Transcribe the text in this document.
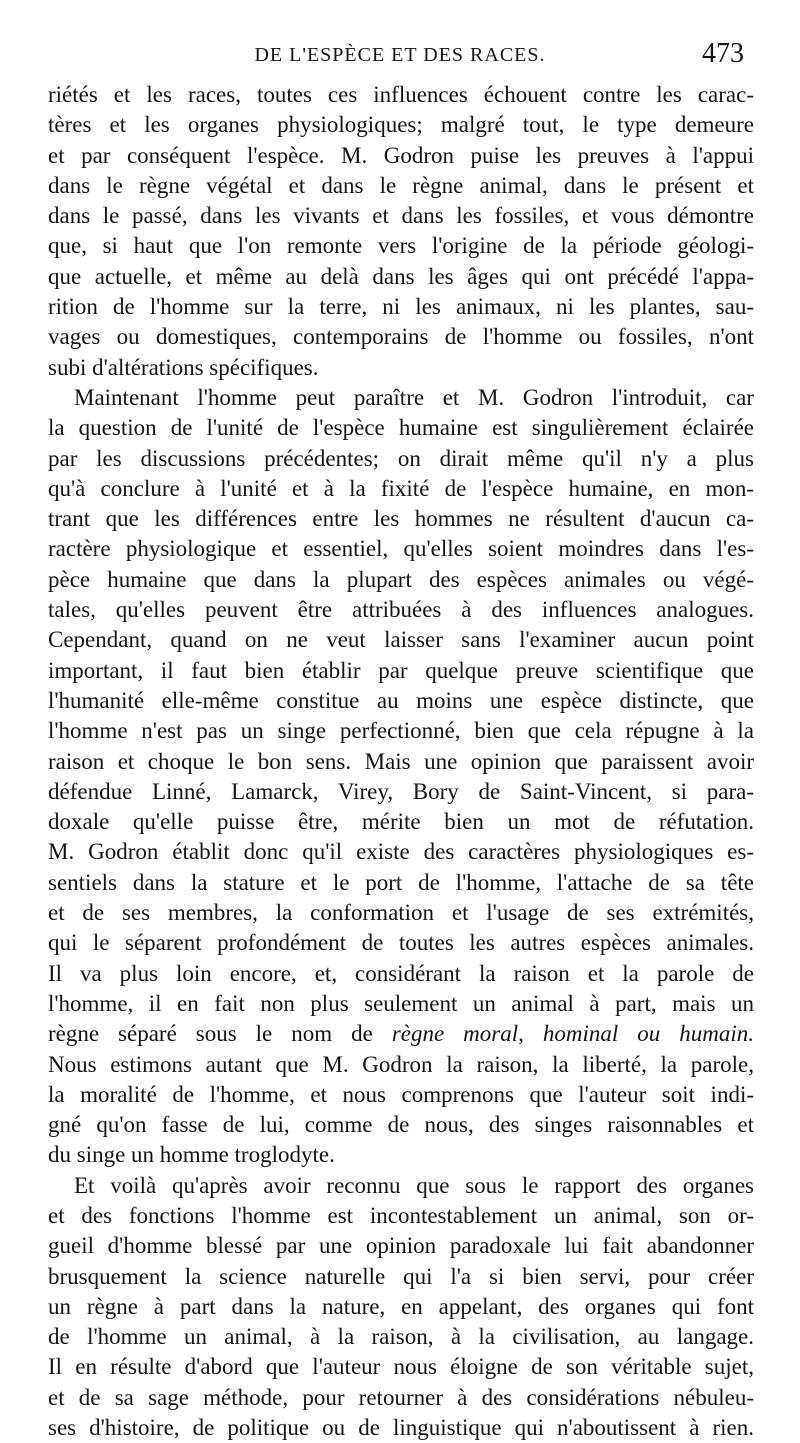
DE L'ESPÈCE ET DES RACES.	473
riétés et les races, toutes ces influences échouent contre les carac-
tères et les organes physiologiques; malgré tout, le type demeure
et par conséquent l'espèce. M. Godron puise les preuves à l'appui
dans le règne végétal et dans le règne animal, dans le présent et
dans le passé, dans les vivants et dans les fossiles, et vous démontre
que, si haut que l'on remonte vers l'origine de la période géologi-
que actuelle, et même au delà dans les âges qui ont précédé l'appa-
rition de l'homme sur la terre, ni les animaux, ni les plantes, sau-
vages ou domestiques, contemporains de l'homme ou fossiles, n'ont
subi d'altérations spécifiques.
Maintenant l'homme peut paraître et M. Godron l'introduit, car
la question de l'unité de l'espèce humaine est singulièrement éclairée
par les discussions précédentes; on dirait même qu'il n'y a plus
qu'à conclure à l'unité et à la fixité de l'espèce humaine, en mon-
trant que les différences entre les hommes ne résultent d'aucun ca-
ractère physiologique et essentiel, qu'elles soient moindres dans l'es-
pèce humaine que dans la plupart des espèces animales ou végé-
tales, qu'elles peuvent être attribuées à des influences analogues.
Cependant, quand on ne veut laisser sans l'examiner aucun point
important, il faut bien établir par quelque preuve scientifique que
l'humanité elle-même constitue au moins une espèce distincte, que
l'homme n'est pas un singe perfectionné, bien que cela répugne à la
raison et choque le bon sens. Mais une opinion que paraissent avoir
défendue Linné, Lamarck, Virey, Bory de Saint-Vincent, si para-
doxale qu'elle puisse être, mérite bien un mot de réfutation.
M. Godron établit donc qu'il existe des caractères physiologiques es-
sentiels dans la stature et le port de l'homme, l'attache de sa tête
et de ses membres, la conformation et l'usage de ses extrémités,
qui le séparent profondément de toutes les autres espèces animales.
Il va plus loin encore, et, considérant la raison et la parole de
l'homme, il en fait non plus seulement un animal à part, mais un
règne séparé sous le nom de règne moral, hominal ou humain.
Nous estimons autant que M. Godron la raison, la liberté, la parole,
la moralité de l'homme, et nous comprenons que l'auteur soit indi-
gné qu'on fasse de lui, comme de nous, des singes raisonnables et
du singe un homme troglodyte.
Et voilà qu'après avoir reconnu que sous le rapport des organes
et des fonctions l'homme est incontestablement un animal, son or-
gueil d'homme blessé par une opinion paradoxale lui fait abandonner
brusquement la science naturelle qui l'a si bien servi, pour créer
un règne à part dans la nature, en appelant, des organes qui font
de l'homme un animal, à la raison, à la civilisation, au langage.
Il en résulte d'abord que l'auteur nous éloigne de son véritable sujet,
et de sa sage méthode, pour retourner à des considérations nébuleu-
ses d'histoire, de politique ou de linguistique qui n'aboutissent à rien.
